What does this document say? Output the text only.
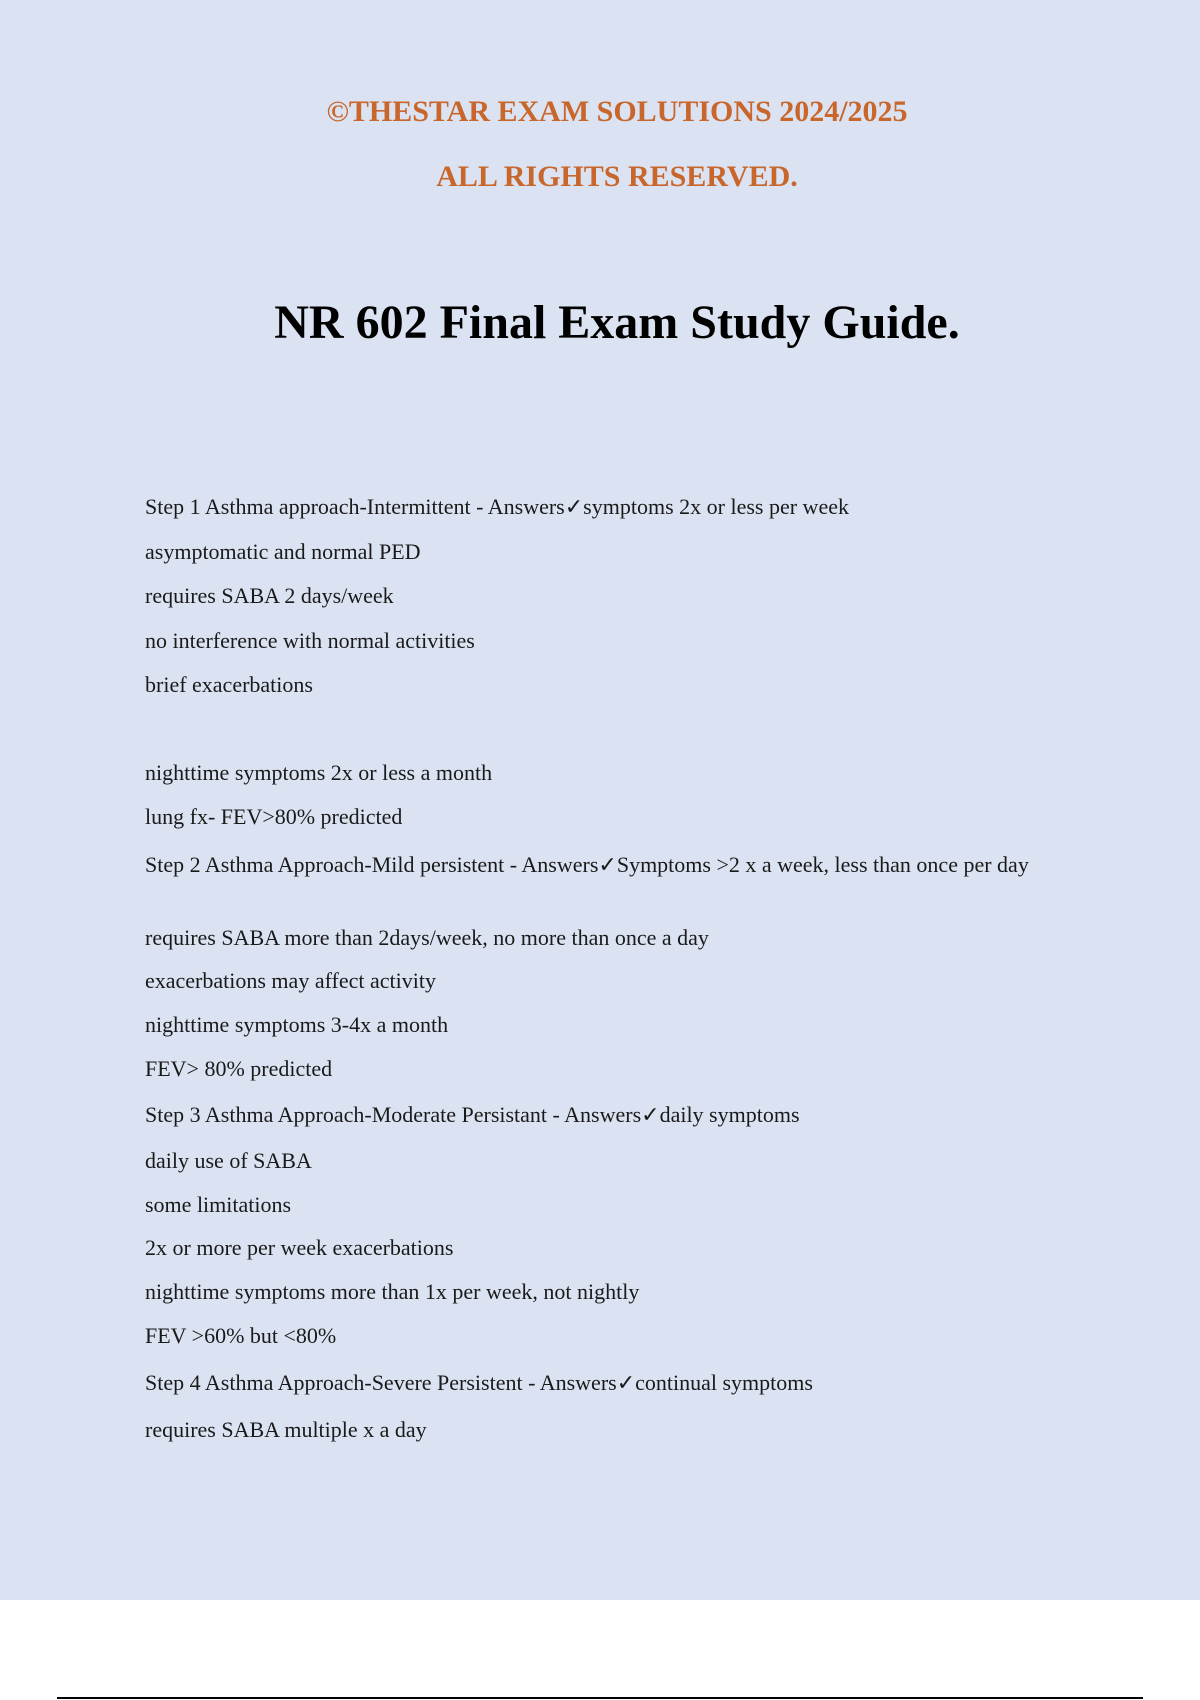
©THESTAR EXAM SOLUTIONS 2024/2025

ALL RIGHTS RESERVED.

NR 602 Final Exam Study Guide.

Step 1 Asthma approach-Intermittent - Answers✓symptoms 2x or less per week

asymptomatic and normal PED

requires SABA 2 days/week

no interference with normal activities

brief exacerbations

nighttime symptoms 2x or less a month

lung fx- FEV>80% predicted

Step 2 Asthma Approach-Mild persistent - Answers✓Symptoms >2 x a week, less than once per day

requires SABA more than 2days/week, no more than once a day

exacerbations may affect activity

nighttime symptoms 3-4x a month

FEV> 80% predicted

Step 3 Asthma Approach-Moderate Persistant - Answers✓daily symptoms

daily use of SABA

some limitations

2x or more per week exacerbations

nighttime symptoms more than 1x per week, not nightly

FEV >60% but <80%

Step 4 Asthma Approach-Severe Persistent - Answers✓continual symptoms

requires SABA multiple x a day
